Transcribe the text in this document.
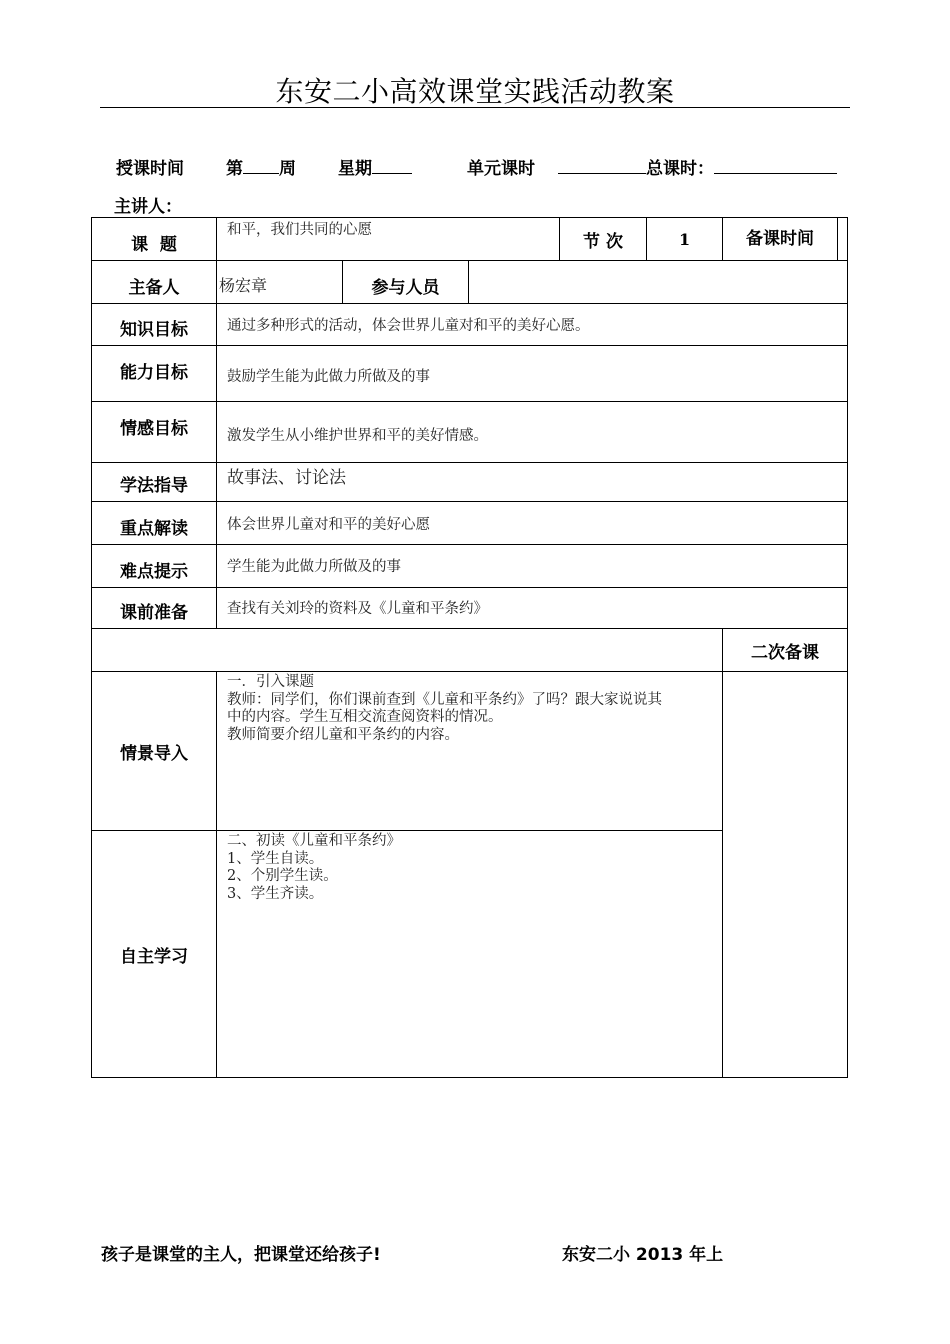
东安二小高效课堂实践活动教案
授课时间 第 周 星期	单元课时	总课时：
主讲人：
课  题	和平，我们共同的心愿			节 次	1	备课时间

主备人	杨宏章	参与人员				
知识目标	通过多种形式的活动，体会世界儿童对和平的美好心愿。					
能力目标	鼓励学生能为此做力所做及的事					
情感目标	激发学生从小维护世界和平的美好情感。					
学法指导	故事法、讨论法					
重点解读	体会世界儿童对和平的美好心愿					
难点提示	学生能为此做力所做及的事					
课前准备	查找有关刘玲的资料及《儿童和平条约》					
						二次备课
情景导入	一．引入课题
教师：同学们，你们课前查到《儿童和平条约》了吗？跟大家说说其
中的内容。学生互相交流查阅资料的情况。
教师简要介绍儿童和平条约的内容。					

自主学习	二、初读《儿童和平条约》
1、学生自读。
2、个别学生读。
3、学生齐读。					
孩子是课堂的主人，把课堂还给孩子!	东安二小 2013 年上
